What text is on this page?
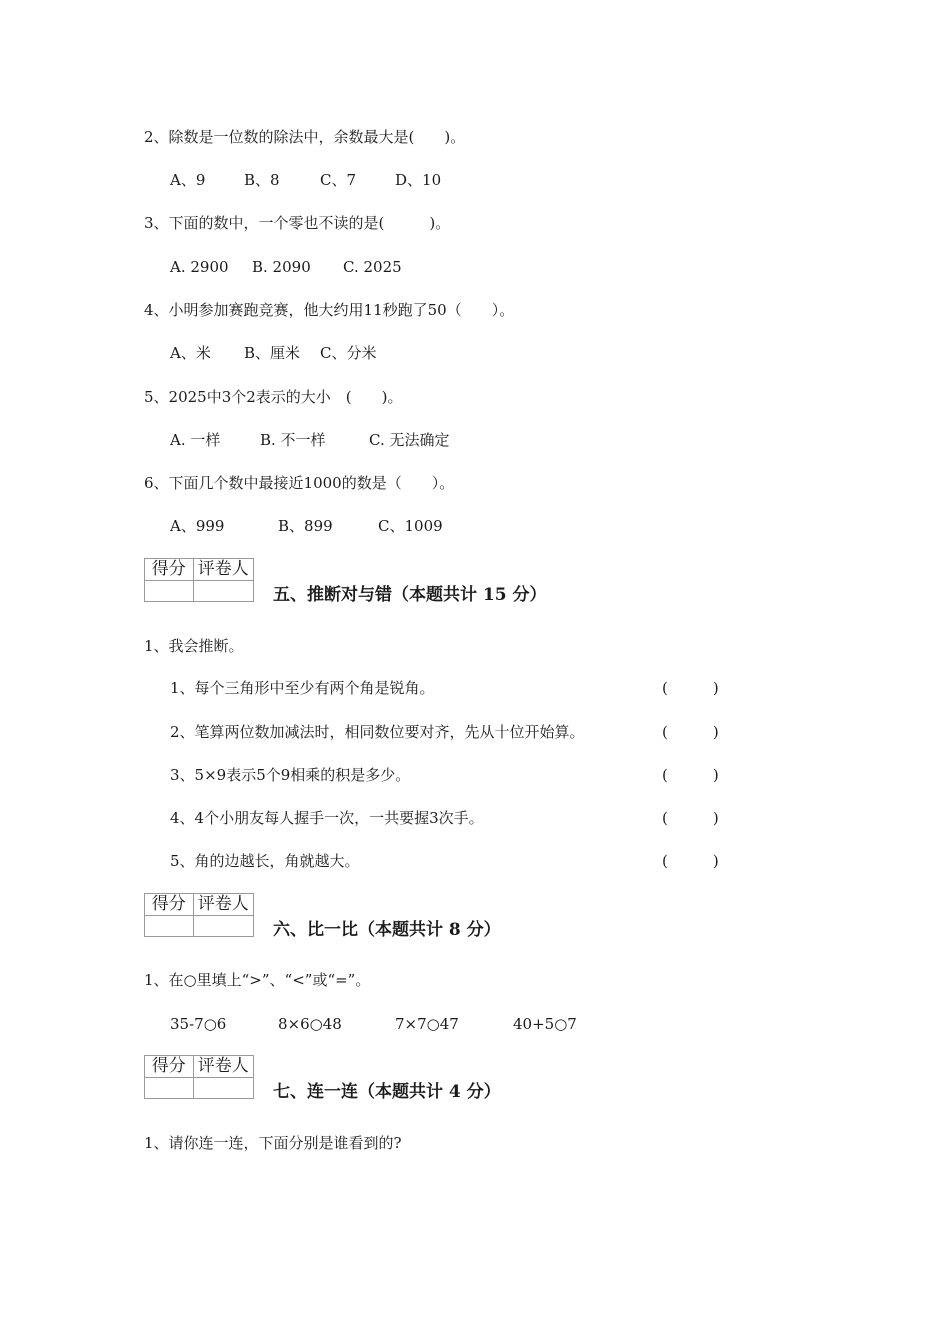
2、除数是一位数的除法中，余数最大是(　　)。
A、9	B、8	C、7	D、10
3、下面的数中，一个零也不读的是(　　　)。
A. 2900 B. 2090 C. 2025
4、小明参加赛跑竞赛，他大约用11秒跑了50（　　）。
A、米 B、厘米 C、分米
5、2025中3个2表示的大小　(　　)。
A. 一样	B. 不一样	C. 无法确定
6、下面几个数中最接近1000的数是（　　）。
A、999	B、899	C、1009
得分	评卷人

五、推断对与错（本题共计 15 分）
1、我会推断。
1、每个三角形中至少有两个角是锐角。	(　　　)
2、笔算两位数加减法时，相同数位要对齐，先从十位开始算。	(　　　)
3、5×9表示5个9相乘的积是多少。	(　　　)
4、4个小朋友每人握手一次，一共要握3次手。	(　　　)
5、角的边越长，角就越大。	(　　　)
得分	评卷人

六、比一比（本题共计 8 分）
1、在○里填上“>”、“<”或“=”。
35-7○6	8×6○48	7×7○47	40+5○7
得分	评卷人

七、连一连（本题共计 4 分）
1、请你连一连，下面分别是谁看到的?
